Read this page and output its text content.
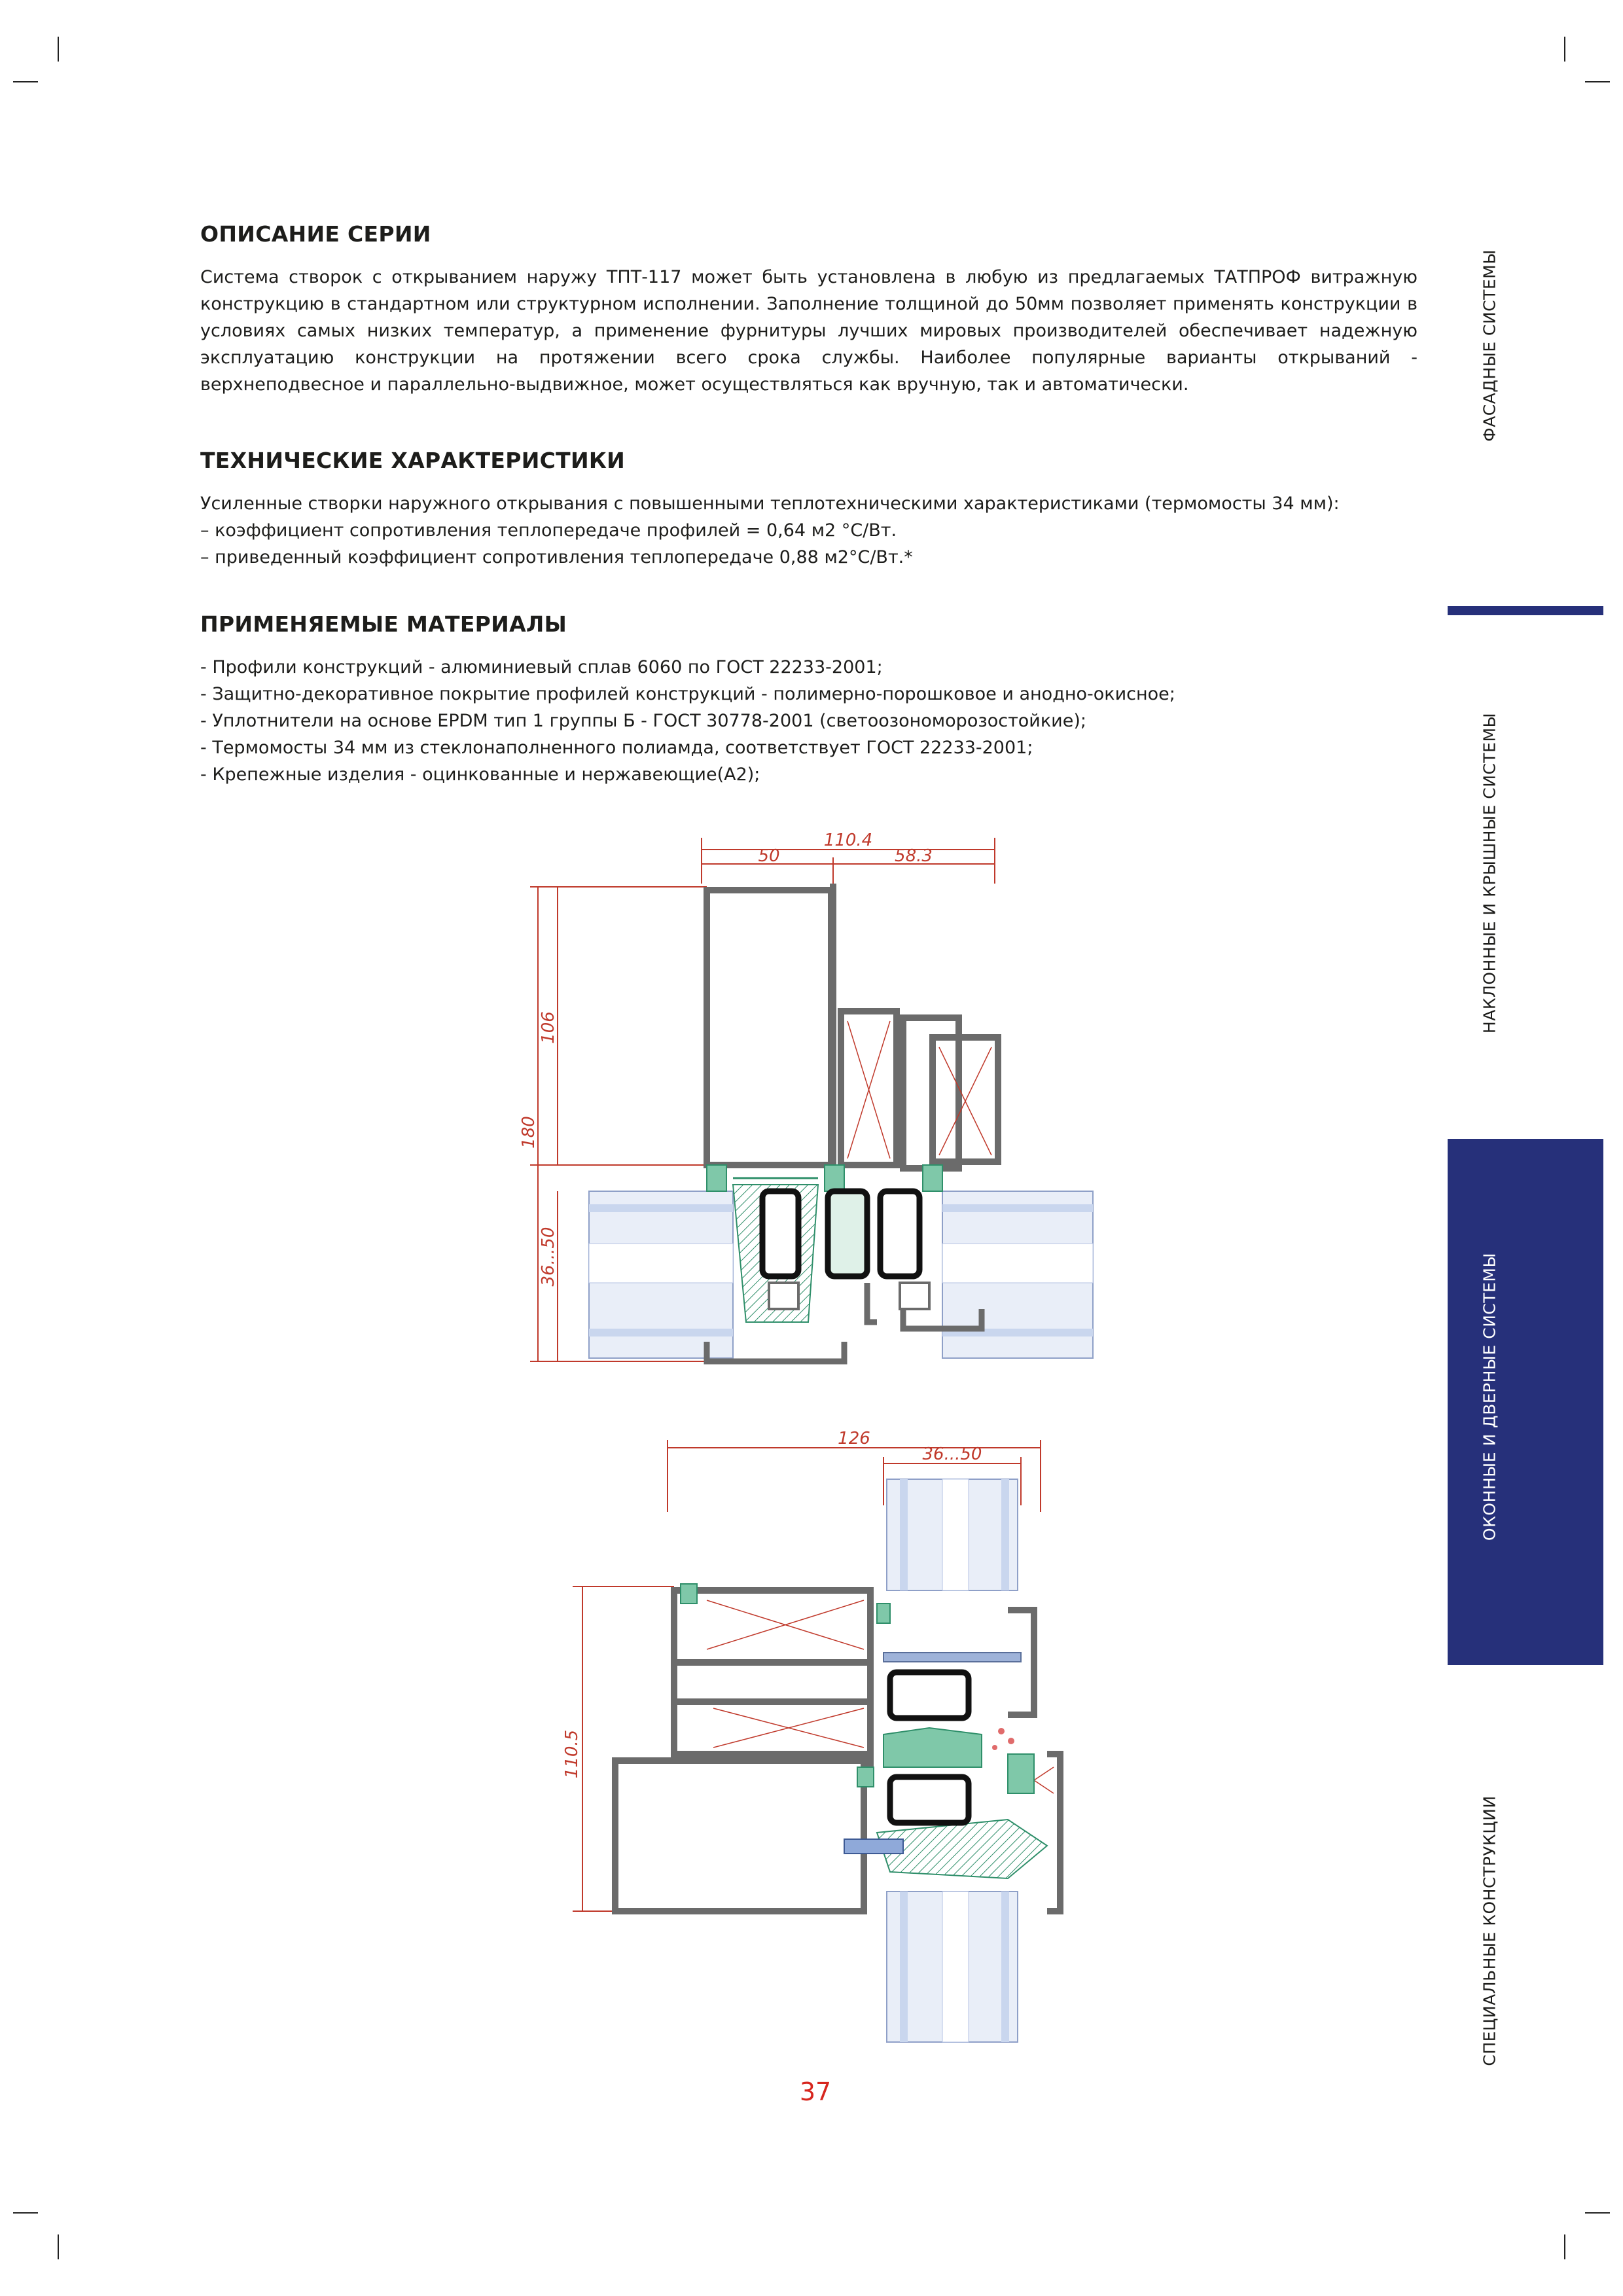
ОПИСАНИЕ СЕРИИ

Система створок с открыванием наружу ТПТ-117 может быть установлена в любую из предлагаемых ТАТПРОФ витражную конструкцию в стандартном или структурном исполнении. Заполнение толщиной до 50мм позволяет применять конструкции в условиях самых низких температур, а применение фурнитуры лучших мировых производителей обеспечивает надежную эксплуатацию конструкции на протяжении всего срока службы. Наиболее популярные варианты открываний - верхнеподвесное и параллельно-выдвижное, может осуществляться как вручную, так и автоматически.

ТЕХНИЧЕСКИЕ ХАРАКТЕРИСТИКИ
Усиленные створки наружного открывания с повышенными теплотехническими характеристиками (термомосты 34 мм):
– коэффициент сопротивления теплопередаче профилей = 0,64 м2 °С/Вт.
– приведенный коэффициент сопротивления теплопередаче 0,88 м2°С/Вт.*
ПРИМЕНЯЕМЫЕ МАТЕРИАЛЫ
- Профили конструкций - алюминиевый сплав 6060 по ГОСТ 22233-2001;
- Защитно-декоративное покрытие профилей конструкций - полимерно-порошковое и анодно-окисное;
- Уплотнители на основе EPDM тип 1 группы Б - ГОСТ 30778-2001 (светоозономорозостойкие);
- Термомосты 34 мм из стеклонаполненного полиамда, соответствует ГОСТ 22233-2001;
- Крепежные изделия - оцинкованные и нержавеющие(А2);
ФАСАДНЫЕ СИСТЕМЫ
НАКЛОННЫЕ И КРЫШНЫЕ СИСТЕМЫ
ОКОННЫЕ И ДВЕРНЫЕ СИСТЕМЫ
СПЕЦИАЛЬНЫЕ КОНСТРУКЦИИ
110.4
50	58.3
180
106
36...50
126
36...50
110.5
37
